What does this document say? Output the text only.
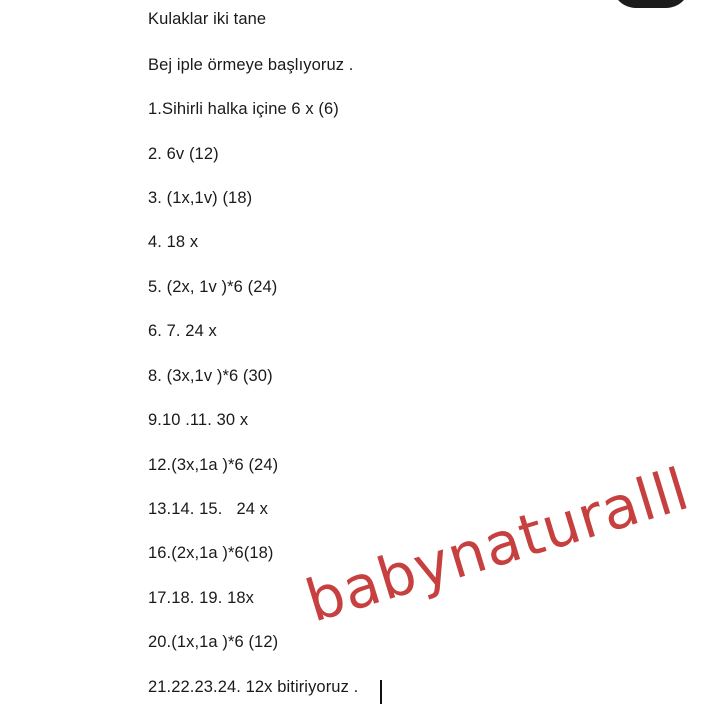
Kulaklar iki tane
Bej iple örmeye başlıyoruz .
1.Sihirli halka içine 6 x (6)
2. 6v (12)
3. (1x,1v) (18)
4. 18 x
5. (2x, 1v )*6 (24)
6. 7. 24 x
8. (3x,1v )*6 (30)
9.10 .11. 30 x
12.(3x,1a )*6 (24)
13.14. 15.   24 x
16.(2x,1a )*6(18)
17.18. 19. 18x
20.(1x,1a )*6 (12)
21.22.23.24. 12x bitiriyoruz .
babynaturalll
